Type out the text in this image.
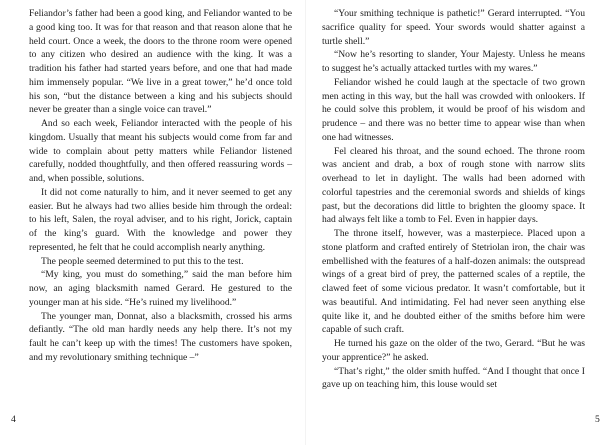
Feliandor’s father had been a good king, and Feliandor wanted to be a good king too. It was for that reason and that reason alone that he held court. Once a week, the doors to the throne room were opened to any citizen who desired an audience with the king. It was a tradition his father had started years before, and one that had made him immensely popular. “We live in a great tower,” he’d once told his son, “but the distance between a king and his subjects should never be greater than a single voice can travel.”

And so each week, Feliandor interacted with the people of his kingdom. Usually that meant his subjects would come from far and wide to complain about petty matters while Feliandor listened carefully, nodded thoughtfully, and then offered reassuring words – and, when possible, solutions.

It did not come naturally to him, and it never seemed to get any easier. But he always had two allies beside him through the ordeal: to his left, Salen, the royal adviser, and to his right, Jorick, captain of the king’s guard. With the knowledge and power they represented, he felt that he could accomplish nearly anything.

The people seemed determined to put this to the test.

“My king, you must do something,” said the man before him now, an aging blacksmith named Gerard. He gestured to the younger man at his side. “He’s ruined my livelihood.”

The younger man, Donnat, also a blacksmith, crossed his arms defiantly. “The old man hardly needs any help there. It’s not my fault he can’t keep up with the times! The customers have spoken, and my revolutionary smithing technique –”

4

“Your smithing technique is pathetic!” Gerard interrupted. “You sacrifice quality for speed. Your swords would shatter against a turtle shell.”

“Now he’s resorting to slander, Your Majesty. Unless he means to suggest he’s actually attacked turtles with my wares.”

Feliandor wished he could laugh at the spectacle of two grown men acting in this way, but the hall was crowded with onlookers. If he could solve this problem, it would be proof of his wisdom and prudence – and there was no better time to appear wise than when one had witnesses.

Fel cleared his throat, and the sound echoed. The throne room was ancient and drab, a box of rough stone with narrow slits overhead to let in daylight. The walls had been adorned with colorful tapestries and the ceremonial swords and shields of kings past, but the decorations did little to brighten the gloomy space. It had always felt like a tomb to Fel. Even in happier days.

The throne itself, however, was a masterpiece. Placed upon a stone platform and crafted entirely of Stetriolan iron, the chair was embellished with the features of a half-dozen animals: the outspread wings of a great bird of prey, the patterned scales of a reptile, the clawed feet of some vicious predator. It wasn’t comfortable, but it was beautiful. And intimidating. Fel had never seen anything else quite like it, and he doubted either of the smiths before him were capable of such craft.

He turned his gaze on the older of the two, Gerard. “But he was your apprentice?” he asked.

“That’s right,” the older smith huffed. “And I thought that once I gave up on teaching him, this louse would set

5
